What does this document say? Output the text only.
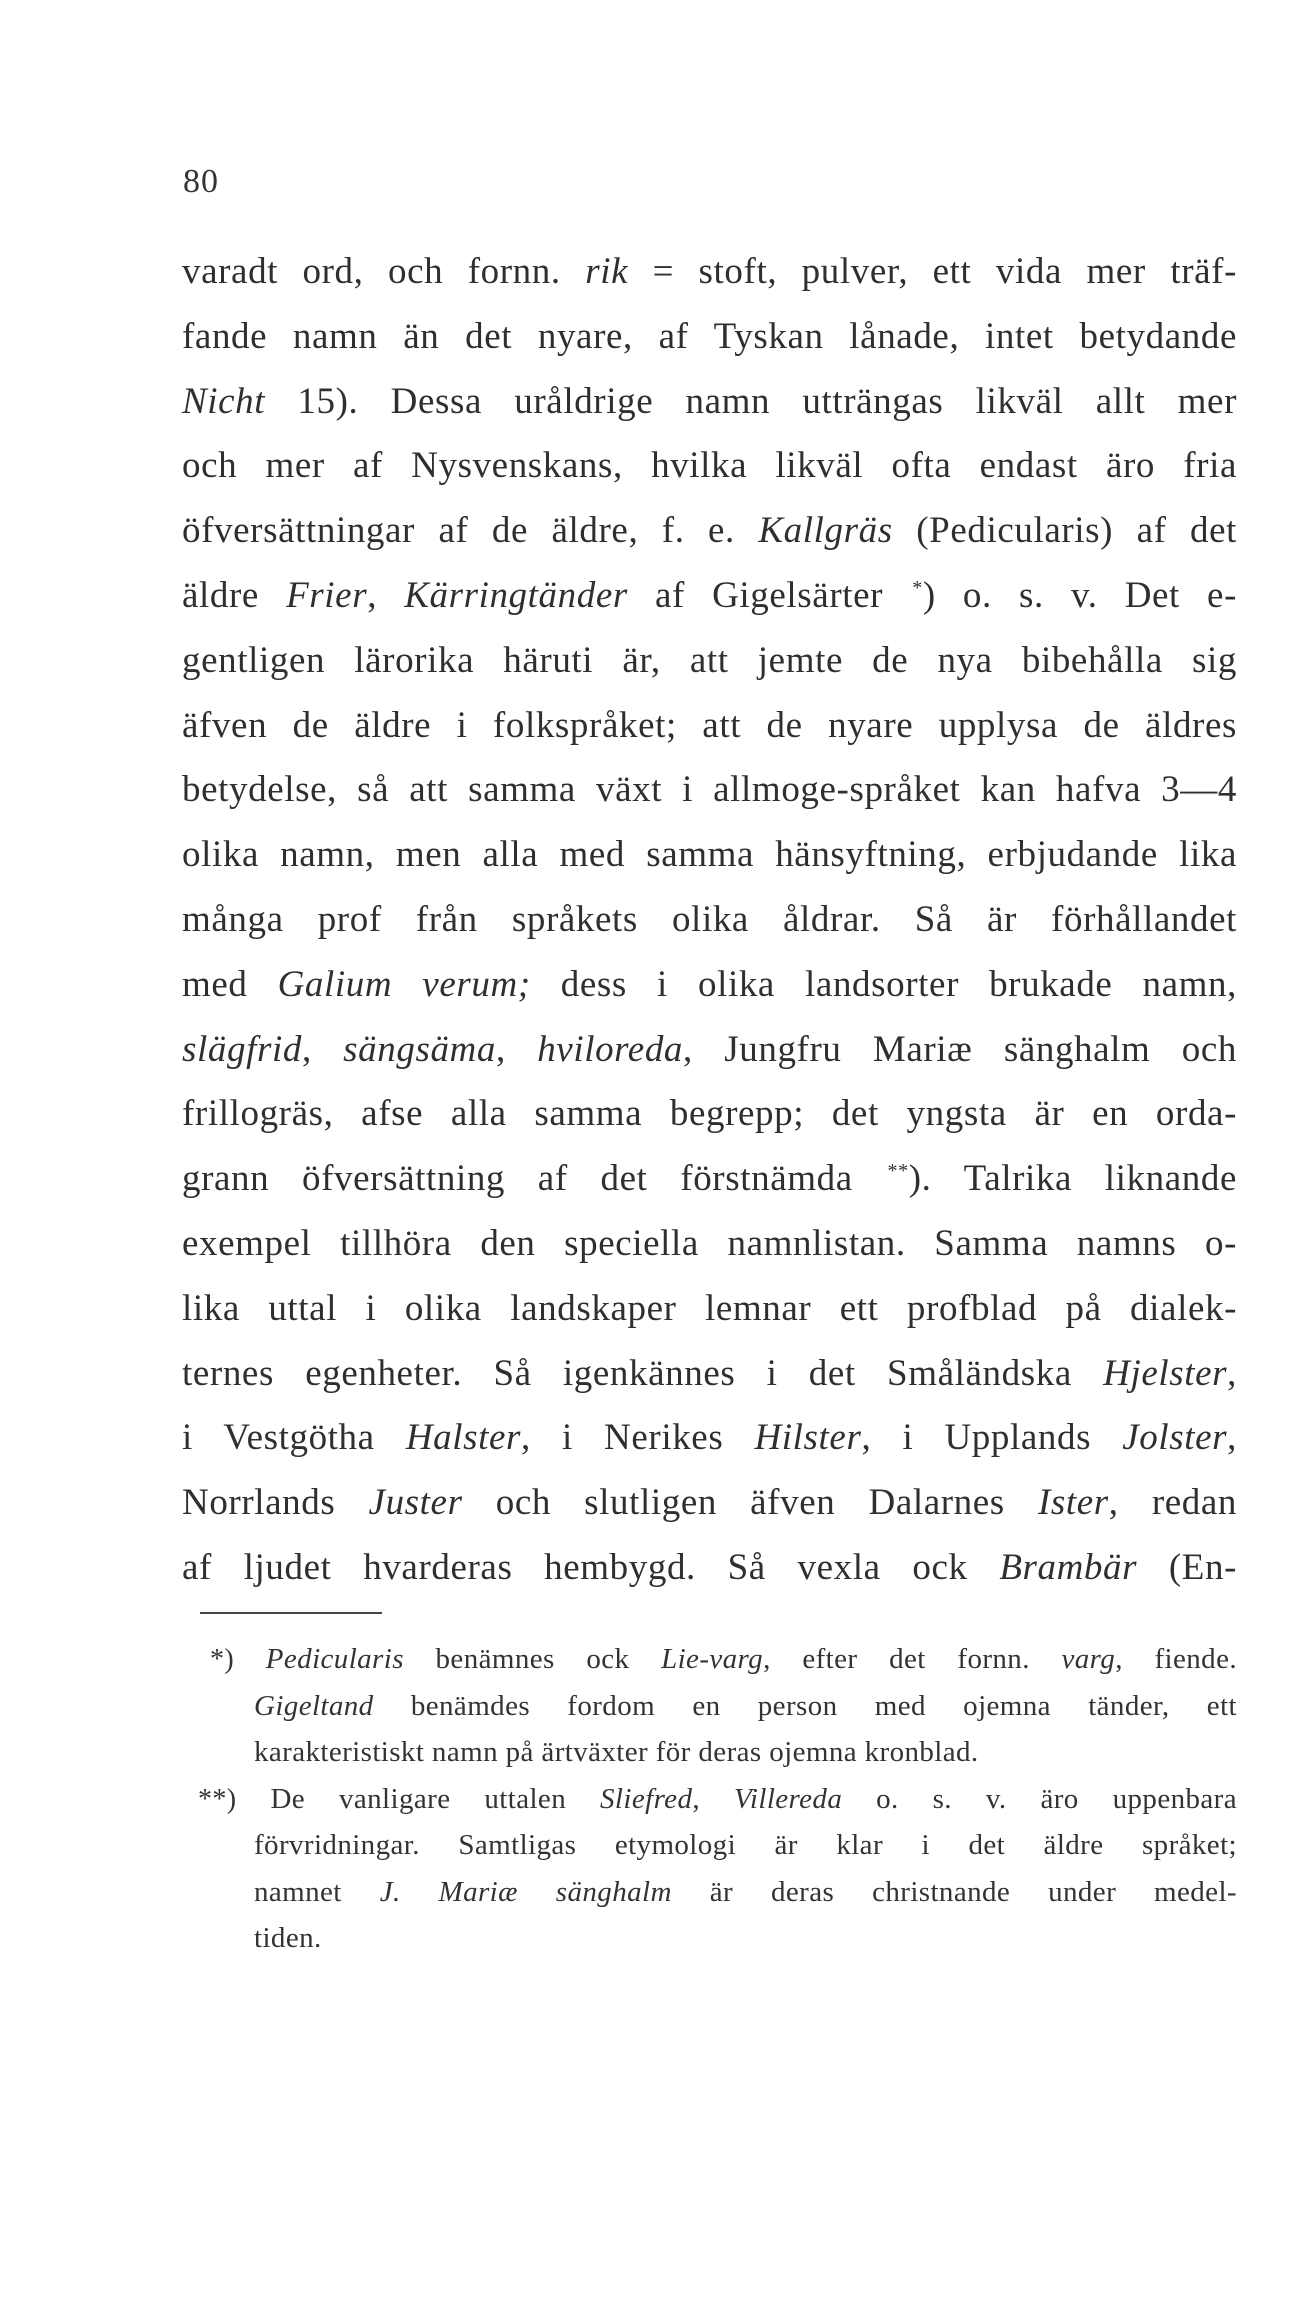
80
varadt ord, och fornn. rik = stoft, pulver, ett vida mer träf-
fande namn än det nyare, af Tyskan lånade, intet betydande
Nicht 15). Dessa uråldrige namn utträngas likväl allt mer
och mer af Nysvenskans, hvilka likväl ofta endast äro fria
öfversättningar af de äldre, f. e. Kallgräs (Pedicularis) af det
äldre Frier, Kärringtänder af Gigelsärter *) o. s. v. Det e-
gentligen lärorika häruti är, att jemte de nya bibehålla sig
äfven de äldre i folkspråket; att de nyare upplysa de äldres
betydelse, så att samma växt i allmoge-språket kan hafva 3—4
olika namn, men alla med samma hänsyftning, erbjudande lika
många prof från språkets olika åldrar. Så är förhållandet
med Galium verum; dess i olika landsorter brukade namn,
slägfrid, sängsäma, hviloreda, Jungfru Mariæ sänghalm och
frillogräs, afse alla samma begrepp; det yngsta är en orda-
grann öfversättning af det förstnämda **). Talrika liknande
exempel tillhöra den speciella namnlistan. Samma namns o-
lika uttal i olika landskaper lemnar ett profblad på dialek-
ternes egenheter. Så igenkännes i det Småländska Hjelster,
i Vestgötha Halster, i Nerikes Hilster, i Upplands Jolster,
Norrlands Juster och slutligen äfven Dalarnes Ister, redan
af ljudet hvarderas hembygd. Så vexla ock Brambär (En-
*) Pedicularis benämnes ock Lie-varg, efter det fornn. varg, fiende.
Gigeltand benämdes fordom en person med ojemna tänder, ett
karakteristiskt namn på ärtväxter för deras ojemna kronblad.
**) De vanligare uttalen Sliefred, Villereda o. s. v. äro uppenbara
förvridningar. Samtligas etymologi är klar i det äldre språket;
namnet J. Mariæ sänghalm är deras christnande under medel-
tiden.
